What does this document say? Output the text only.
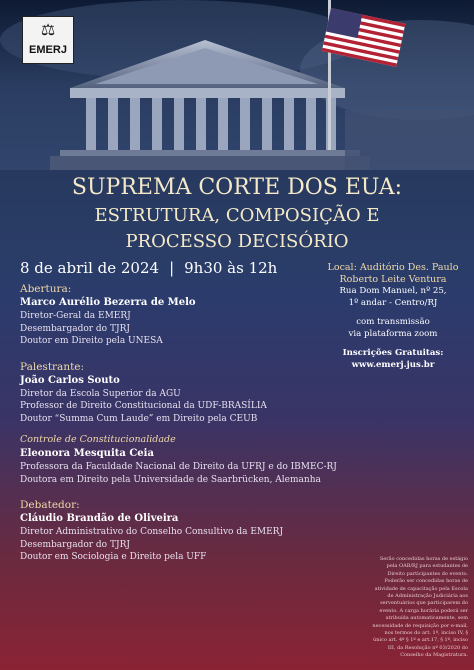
⚖
EMERJ
SUPREMA CORTE DOS EUA:
ESTRUTURA, COMPOSIÇÃO E
PROCESSO DECISÓRIO
8 de abril de 2024 | 9h30 às 12h
Abertura:
Marco Aurélio Bezerra de Melo
Diretor-Geral da EMERJ
Desembargador do TJRJ
Doutor em Direito pela UNESA
Palestrante:
João Carlos Souto
Diretor da Escola Superior da AGU
Professor de Direito Constitucional da UDF-BRASÍLIA
Doutor “Summa Cum Laude” em Direito pela CEUB
Controle de Constitucionalidade
Eleonora Mesquita Ceia
Professora da Faculdade Nacional de Direito da UFRJ e do IBMEC-RJ
Doutora em Direito pela Universidade de Saarbrücken, Alemanha
Debatedor:
Cláudio Brandão de Oliveira
Diretor Administrativo do Conselho Consultivo da EMERJ
Desembargador do TJRJ
Doutor em Sociologia e Direito pela UFF
Local: Auditório Des. Paulo
Roberto Leite Ventura
Rua Dom Manuel, nº 25,
1º andar - Centro/RJ
com transmissão
via plataforma zoom
Inscrições Gratuitas:
www.emerj.jus.br
Serão concedidas horas de estágio
pela OAB/RJ para estudantes de
Direito participantes do evento.
Poderão ser concedidas horas de
atividade de capacitação pela Escola
de Administração Judiciária aos
serventuários que participarem do
evento. A carga horária poderá ser
atribuída automaticamente, sem
necessidade de requisição por e-mail,
nos termos do art. 1º, inciso IV, §
único art. 4º § 1º e art.17, § 1º, inciso
III, da Resolução nº 03/2020 do
Conselho da Magistratura.
